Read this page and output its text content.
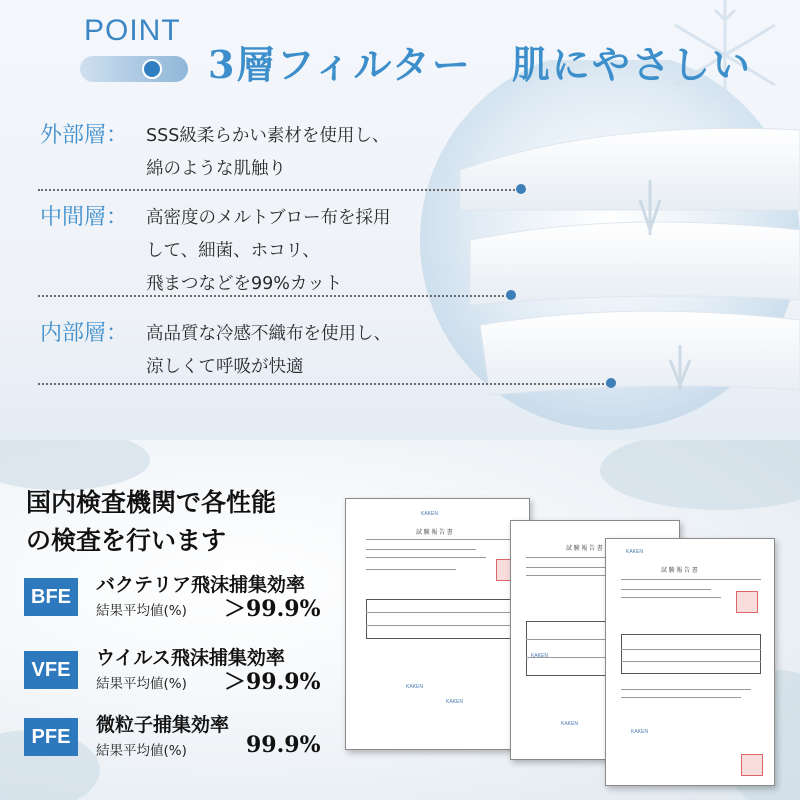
POINT
3層フィルター　肌にやさしい
外部層： SSS級柔らかい素材を使用し、
綿のような肌触り
中間層： 高密度のメルトブロー布を採用
して、細菌、ホコリ、
飛まつなどを99%カット
内部層： 高品質な冷感不織布を使用し、
涼しくて呼吸が快適
国内検査機関で各性能
の検査を行います
BFE
バクテリア飛沫捕集効率
結果平均値(%) ＞99.9%
VFE
ウイルス飛沫捕集効率
結果平均値(%) ＞99.9%
PFE
微粒子捕集効率
結果平均値(%)	99.9%
試 験 報 告 書
KAKEN
KAKEN
KAKEN
試 験 報 告 書
KAKEN
KAKEN
KAKEN
試 験 報 告 書
KAKEN
